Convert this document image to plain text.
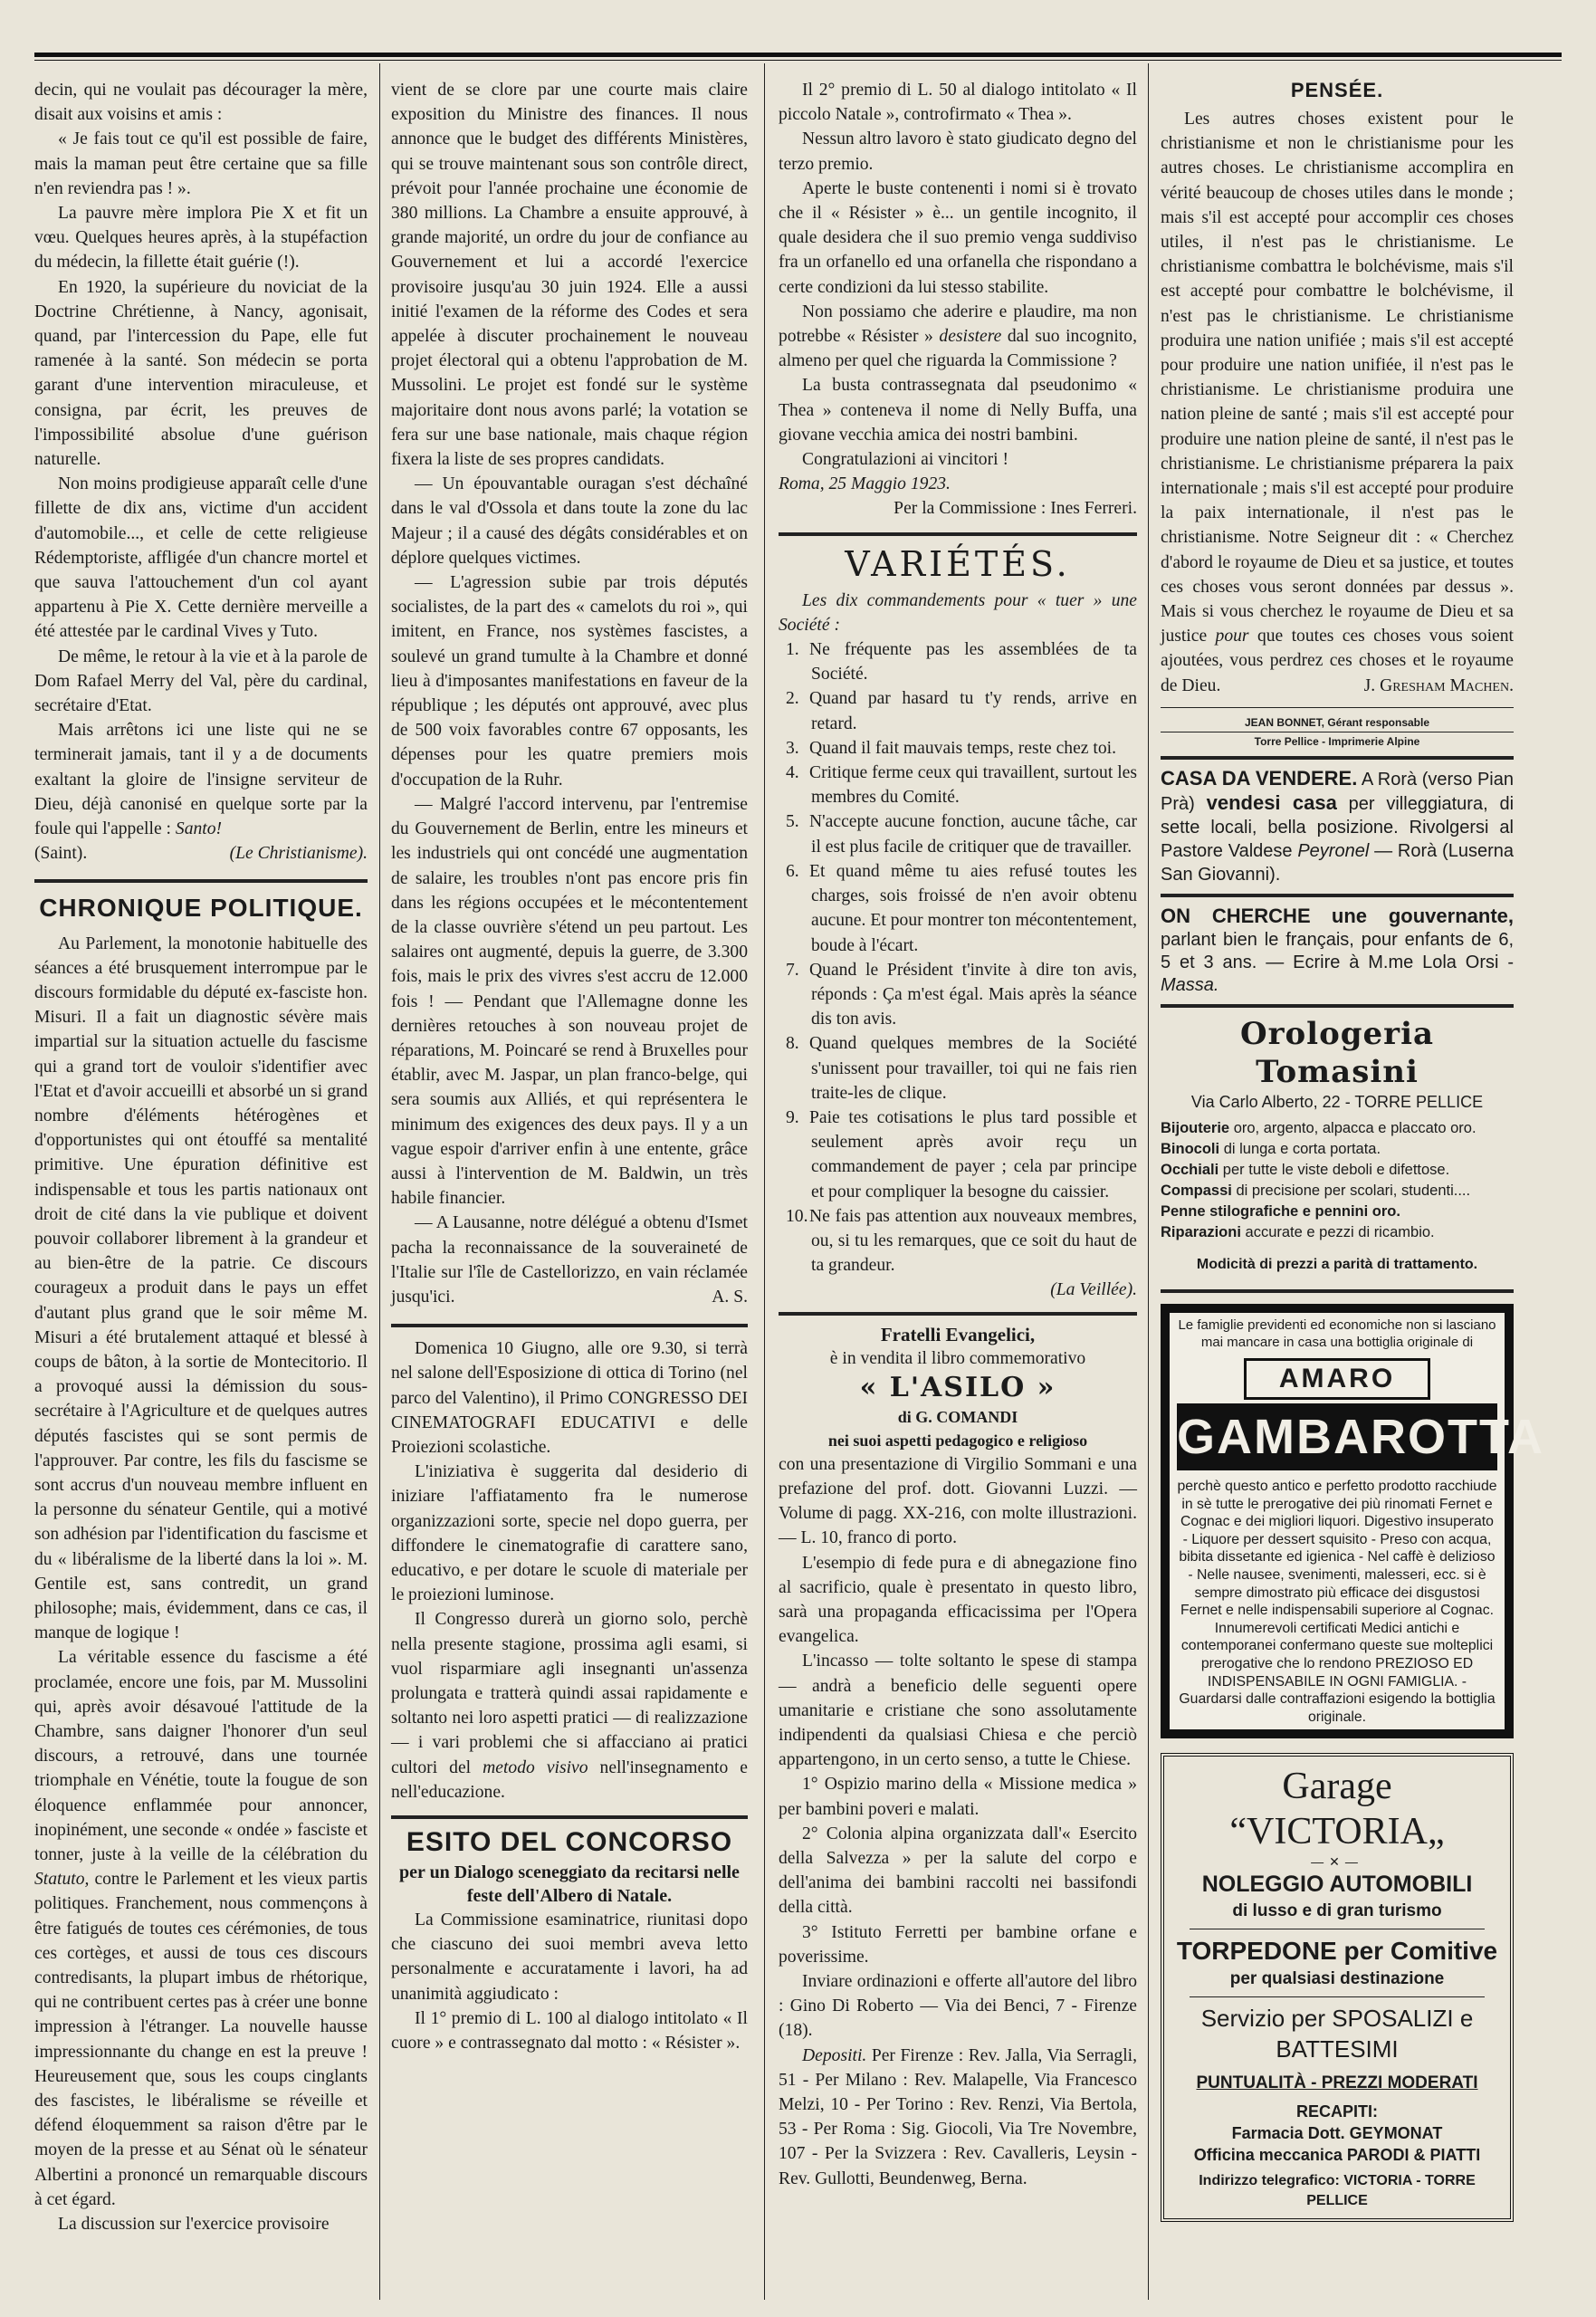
decin, qui ne voulait pas décourager la mère, disait aux voisins et amis :

« Je fais tout ce qu'il est possible de faire, mais la maman peut être certaine que sa fille n'en reviendra pas ! ».

La pauvre mère implora Pie X et fit un vœu. Quelques heures après, à la stupéfaction du médecin, la fillette était guérie (!).

En 1920, la supérieure du noviciat de la Doctrine Chrétienne, à Nancy, agonisait, quand, par l'intercession du Pape, elle fut ramenée à la santé. Son médecin se porta garant d'une intervention miraculeuse, et consigna, par écrit, les preuves de l'impossibilité absolue d'une guérison naturelle.

Non moins prodigieuse apparaît celle d'une fillette de dix ans, victime d'un accident d'automobile..., et celle de cette religieuse Rédemptoriste, affligée d'un chancre mortel et que sauva l'attouchement d'un col ayant appartenu à Pie X. Cette dernière merveille a été attestée par le cardinal Vives y Tuto.

De même, le retour à la vie et à la parole de Dom Rafael Merry del Val, père du cardinal, secrétaire d'Etat.

Mais arrêtons ici une liste qui ne se terminerait jamais, tant il y a de documents exaltant la gloire de l'insigne serviteur de Dieu, déjà canonisé en quelque sorte par la foule qui l'appelle : Santo!
(Saint).	(Le Christianisme).

CHRONIQUE POLITIQUE.

Au Parlement, la monotonie habituelle des séances a été brusquement interrompue par le discours formidable du député ex-fasciste hon. Misuri. Il a fait un diagnostic sévère mais impartial sur la situation actuelle du fascisme qui a grand tort de vouloir s'identifier avec l'Etat et d'avoir accueilli et absorbé un si grand nombre d'éléments hétérogènes et d'opportunistes qui ont étouffé sa mentalité primitive. Une épuration définitive est indispensable et tous les partis nationaux ont droit de cité dans la vie publique et doivent pouvoir collaborer librement à la grandeur et au bien-être de la patrie. Ce discours courageux a produit dans le pays un effet d'autant plus grand que le soir même M. Misuri a été brutalement attaqué et blessé à coups de bâton, à la sortie de Montecitorio. Il a provoqué aussi la démission du sous-secrétaire à l'Agriculture et de quelques autres députés fascistes qui se sont permis de l'approuver. Par contre, les fils du fascisme se sont accrus d'un nouveau membre influent en la personne du sénateur Gentile, qui a motivé son adhésion par l'identification du fascisme et du « libéralisme de la liberté dans la loi ». M. Gentile est, sans contredit, un grand philosophe; mais, évidemment, dans ce cas, il manque de logique !

La véritable essence du fascisme a été proclamée, encore une fois, par M. Mussolini qui, après avoir désavoué l'attitude de la Chambre, sans daigner l'honorer d'un seul discours, a retrouvé, dans une tournée triomphale en Vénétie, toute la fougue de son éloquence enflammée pour annoncer, inopinément, une seconde « ondée » fasciste et tonner, juste à la veille de la célébration du Statuto, contre le Parlement et les vieux partis politiques. Franchement, nous commençons à être fatigués de toutes ces cérémonies, de tous ces cortèges, et aussi de tous ces discours contredisants, la plupart imbus de rhétorique, qui ne contribuent certes pas à créer une bonne impression à l'étranger. La nouvelle hausse impressionnante du change en est la preuve ! Heureusement que, sous les coups cinglants des fascistes, le libéralisme se réveille et défend éloquemment sa raison d'être par le moyen de la presse et au Sénat où le sénateur Albertini a prononcé un remarquable discours à cet égard.

La discussion sur l'exercice provisoire

vient de se clore par une courte mais claire exposition du Ministre des finances. Il nous annonce que le budget des différents Ministères, qui se trouve maintenant sous son contrôle direct, prévoit pour l'année prochaine une économie de 380 millions. La Chambre a ensuite approuvé, à grande majorité, un ordre du jour de confiance au Gouvernement et lui a accordé l'exercice provisoire jusqu'au 30 juin 1924. Elle a aussi initié l'examen de la réforme des Codes et sera appelée à discuter prochainement le nouveau projet électoral qui a obtenu l'approbation de M. Mussolini. Le projet est fondé sur le système majoritaire dont nous avons parlé; la votation se fera sur une base nationale, mais chaque région fixera la liste de ses propres candidats.

— Un épouvantable ouragan s'est déchaîné dans le val d'Ossola et dans toute la zone du lac Majeur ; il a causé des dégâts considérables et on déplore quelques victimes.

— L'agression subie par trois députés socialistes, de la part des « camelots du roi », qui imitent, en France, nos systèmes fascistes, a soulevé un grand tumulte à la Chambre et donné lieu à d'imposantes manifestations en faveur de la république ; les députés ont approuvé, avec plus de 500 voix favorables contre 67 opposants, les dépenses pour les quatre premiers mois d'occupation de la Ruhr.

— Malgré l'accord intervenu, par l'entremise du Gouvernement de Berlin, entre les mineurs et les industriels qui ont concédé une augmentation de salaire, les troubles n'ont pas encore pris fin dans les régions occupées et le mécontentement de la classe ouvrière s'étend un peu partout. Les salaires ont augmenté, depuis la guerre, de 3.300 fois, mais le prix des vivres s'est accru de 12.000 fois ! — Pendant que l'Allemagne donne les dernières retouches à son nouveau projet de réparations, M. Poincaré se rend à Bruxelles pour établir, avec M. Jaspar, un plan franco-belge, qui sera soumis aux Alliés, et qui représentera le minimum des exigences des deux pays. Il y a un vague espoir d'arriver enfin à une entente, grâce aussi à l'intervention de M. Baldwin, un très habile financier.

— A Lausanne, notre délégué a obtenu d'Ismet pacha la reconnaissance de la souveraineté de l'Italie sur l'île de Castellorizzo, en vain réclamée jusqu'ici.	A. S.

Domenica 10 Giugno, alle ore 9.30, si terrà nel salone dell'Esposizione di ottica di Torino (nel parco del Valentino), il Primo CONGRESSO DEI CINEMATOGRAFI EDUCATIVI e delle Proiezioni scolastiche.

L'iniziativa è suggerita dal desiderio di iniziare l'affiatamento fra le numerose organizzazioni sorte, specie nel dopo guerra, per diffondere le cinematografie di carattere sano, educativo, e per dotare le scuole di materiale per le proiezioni luminose.

Il Congresso durerà un giorno solo, perchè nella presente stagione, prossima agli esami, si vuol risparmiare agli insegnanti un'assenza prolungata e tratterà quindi assai rapidamente e soltanto nei loro aspetti pratici — di realizzazione — i vari problemi che si affacciano ai pratici cultori del metodo visivo nell'insegnamento e nell'educazione.

ESITO DEL CONCORSO
per un Dialogo sceneggiato da recitarsi nelle feste dell'Albero di Natale.

La Commissione esaminatrice, riunitasi dopo che ciascuno dei suoi membri aveva letto personalmente e accuratamente i lavori, ha ad unanimità aggiudicato :

Il 1° premio di L. 100 al dialogo intitolato « Il cuore » e contrassegnato dal motto : « Résister ».

Il 2° premio di L. 50 al dialogo intitolato « Il piccolo Natale », controfirmato « Thea ».

Nessun altro lavoro è stato giudicato degno del terzo premio.

Aperte le buste contenenti i nomi si è trovato che il « Résister » è... un gentile incognito, il quale desidera che il suo premio venga suddiviso fra un orfanello ed una orfanella che rispondano a certe condizioni da lui stesso stabilite.

Non possiamo che aderire e plaudire, ma non potrebbe « Résister » desistere dal suo incognito, almeno per quel che riguarda la Commissione ?

La busta contrassegnata dal pseudonimo « Thea » conteneva il nome di Nelly Buffa, una giovane vecchia amica dei nostri bambini.

Congratulazioni ai vincitori !

Roma, 25 Maggio 1923.

Per la Commissione : Ines Ferreri.

VARIÉTÉS.

Les dix commandements pour « tuer » une Société :

1. Ne fréquente pas les assemblées de ta Société.
2. Quand par hasard tu t'y rends, arrive en retard.
3. Quand il fait mauvais temps, reste chez toi.
4. Critique ferme ceux qui travaillent, surtout les membres du Comité.
5. N'accepte aucune fonction, aucune tâche, car il est plus facile de critiquer que de travailler.
6. Et quand même tu aies refusé toutes les charges, sois froissé de n'en avoir obtenu aucune. Et pour montrer ton mécontentement, boude à l'écart.
7. Quand le Président t'invite à dire ton avis, réponds : Ça m'est égal. Mais après la séance dis ton avis.
8. Quand quelques membres de la Société s'unissent pour travailler, toi qui ne fais rien traite-les de clique.
9. Paie tes cotisations le plus tard possible et seulement après avoir reçu un commandement de payer ; cela par principe et pour compliquer la besogne du caissier.
10.Ne fais pas attention aux nouveaux membres, ou, si tu les remarques, que ce soit du haut de ta grandeur.

(La Veillée).

Fratelli Evangelici,

è in vendita il libro commemorativo

« L'ASILO »
di G. COMANDI
nei suoi aspetti pedagogico e religioso

con una presentazione di Virgilio Sommani e una prefazione del prof. dott. Giovanni Luzzi. — Volume di pagg. XX-216, con molte illustrazioni. — L. 10, franco di porto.

L'esempio di fede pura e di abnegazione fino al sacrificio, quale è presentato in questo libro, sarà una propaganda efficacissima per l'Opera evangelica.

L'incasso — tolte soltanto le spese di stampa — andrà a beneficio delle seguenti opere umanitarie e cristiane che sono assolutamente indipendenti da qualsiasi Chiesa e che perciò appartengono, in un certo senso, a tutte le Chiese.

1° Ospizio marino della « Missione medica » per bambini poveri e malati.

2° Colonia alpina organizzata dall'« Esercito della Salvezza » per la salute del corpo e dell'anima dei bambini raccolti nei bassifondi della città.

3° Istituto Ferretti per bambine orfane e poverissime.

Inviare ordinazioni e offerte all'autore del libro : Gino Di Roberto — Via dei Benci, 7 - Firenze (18).

Depositi. Per Firenze : Rev. Jalla, Via Serragli, 51 - Per Milano : Rev. Malapelle, Via Francesco Melzi, 10 - Per Torino : Rev. Renzi, Via Bertola, 53 - Per Roma : Sig. Giocoli, Via Tre Novembre, 107 - Per la Svizzera : Rev. Cavalleris, Leysin - Rev. Gullotti, Beundenweg, Berna.

PENSÉE.

Les autres choses existent pour le christianisme et non le christianisme pour les autres choses. Le christianisme accomplira en vérité beaucoup de choses utiles dans le monde ; mais s'il est accepté pour accomplir ces choses utiles, il n'est pas le christianisme. Le christianisme combattra le bolchévisme, mais s'il est accepté pour combattre le bolchévisme, il n'est pas le christianisme. Le christianisme produira une nation unifiée ; mais s'il est accepté pour produire une nation unifiée, il n'est pas le christianisme. Le christianisme produira une nation pleine de santé ; mais s'il est accepté pour produire une nation pleine de santé, il n'est pas le christianisme. Le christianisme préparera la paix internationale ; mais s'il est accepté pour produire la paix internationale, il n'est pas le christianisme. Notre Seigneur dit : « Cherchez d'abord le royaume de Dieu et sa justice, et toutes ces choses vous seront données par dessus ». Mais si vous cherchez le royaume de Dieu et sa justice pour que toutes ces choses vous soient ajoutées, vous perdrez ces choses et le royaume de Dieu.	J. Gresham Machen.

JEAN BONNET, Gérant responsable
Torre Pellice - Imprimerie Alpine
CASA DA VENDERE. A Rorà (verso Pian Prà) vendesi casa per villeggiatura, di sette locali, bella posizione. Rivolgersi al Pastore Valdese Peyronel — Rorà (Luserna San Giovanni).
ON CHERCHE une gouvernante, parlant bien le français, pour enfants de 6, 5 et 3 ans. — Ecrire à M.me Lola Orsi - Massa.
Orologeria Tomasini
Via Carlo Alberto, 22 - TORRE PELLICE
Bijouterie oro, argento, alpacca e placcato oro.
Binocoli di lunga e corta portata.
Occhiali per tutte le viste deboli e difettose.
Compassi di precisione per scolari, studenti....
Penne stilografiche e pennini oro.
Riparazioni accurate e pezzi di ricambio.
Modicità di prezzi a parità di trattamento.
Le famiglie previdenti ed economiche non si lasciano mai mancare in casa una bottiglia originale di
AMARO
GAMBAROTTA
perchè questo antico e perfetto prodotto racchiude in sè tutte le prerogative dei più rinomati Fernet e Cognac e dei migliori liquori. Digestivo insuperato - Liquore per dessert squisito - Preso con acqua, bibita dissetante ed igienica - Nel caffè è delizioso - Nelle nausee, svenimenti, malesseri, ecc. si è sempre dimostrato più efficace dei disgustosi Fernet e nelle indispensabili superiore al Cognac. Innumerevoli certificati Medici antichi e contemporanei confermano queste sue molteplici prerogative che lo rendono PREZIOSO ED INDISPENSABILE IN OGNI FAMIGLIA. - Guardarsi dalle contraffazioni esigendo la bottiglia originale.
Garage “VICTORIA„
—✕—
NOLEGGIO AUTOMOBILI
di lusso e di gran turismo
TORPEDONE per Comitive
per qualsiasi destinazione
Servizio per SPOSALIZI e BATTESIMI
PUNTUALITÀ - PREZZI MODERATI
RECAPITI:
Farmacia Dott. GEYMONAT
Officina meccanica PARODI & PIATTI
Indirizzo telegrafico: VICTORIA - TORRE PELLICE
